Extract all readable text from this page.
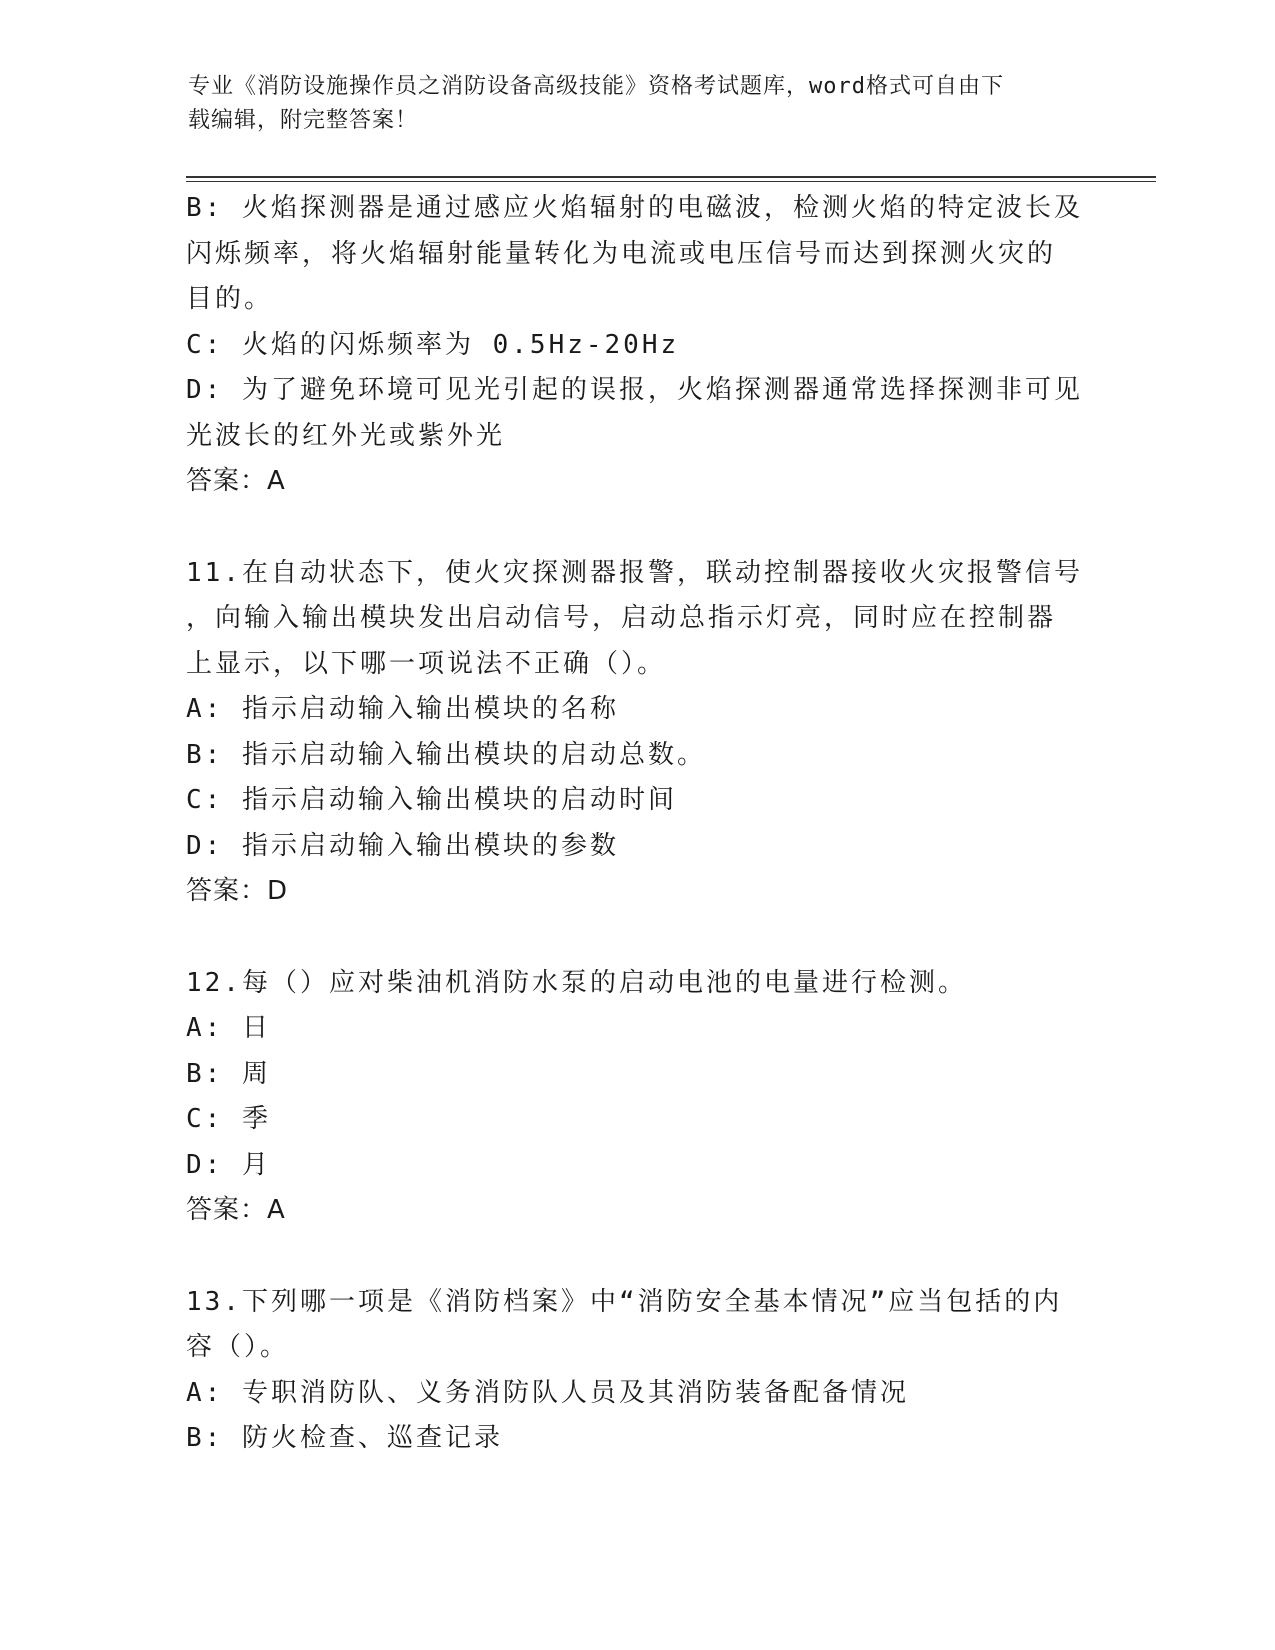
专业《消防设施操作员之消防设备高级技能》资格考试题库，word格式可自由下
载编辑，附完整答案！
B: 火焰探测器是通过感应火焰辐射的电磁波，检测火焰的特定波长及
闪烁频率，将火焰辐射能量转化为电流或电压信号而达到探测火灾的
目的。
C: 火焰的闪烁频率为 0.5Hz-20Hz
D: 为了避免环境可见光引起的误报，火焰探测器通常选择探测非可见
光波长的红外光或紫外光
答案：A
11.在自动状态下，使火灾探测器报警，联动控制器接收火灾报警信号
，向输入输出模块发出启动信号，启动总指示灯亮，同时应在控制器
上显示，以下哪一项说法不正确（）。
A: 指示启动输入输出模块的名称
B: 指示启动输入输出模块的启动总数。
C: 指示启动输入输出模块的启动时间
D: 指示启动输入输出模块的参数
答案：D
12.每（）应对柴油机消防水泵的启动电池的电量进行检测。
A: 日
B: 周
C: 季
D: 月
答案：A
13.下列哪一项是《消防档案》中“消防安全基本情况”应当包括的内
容（）。
A: 专职消防队、义务消防队人员及其消防装备配备情况
B: 防火检查、巡查记录
